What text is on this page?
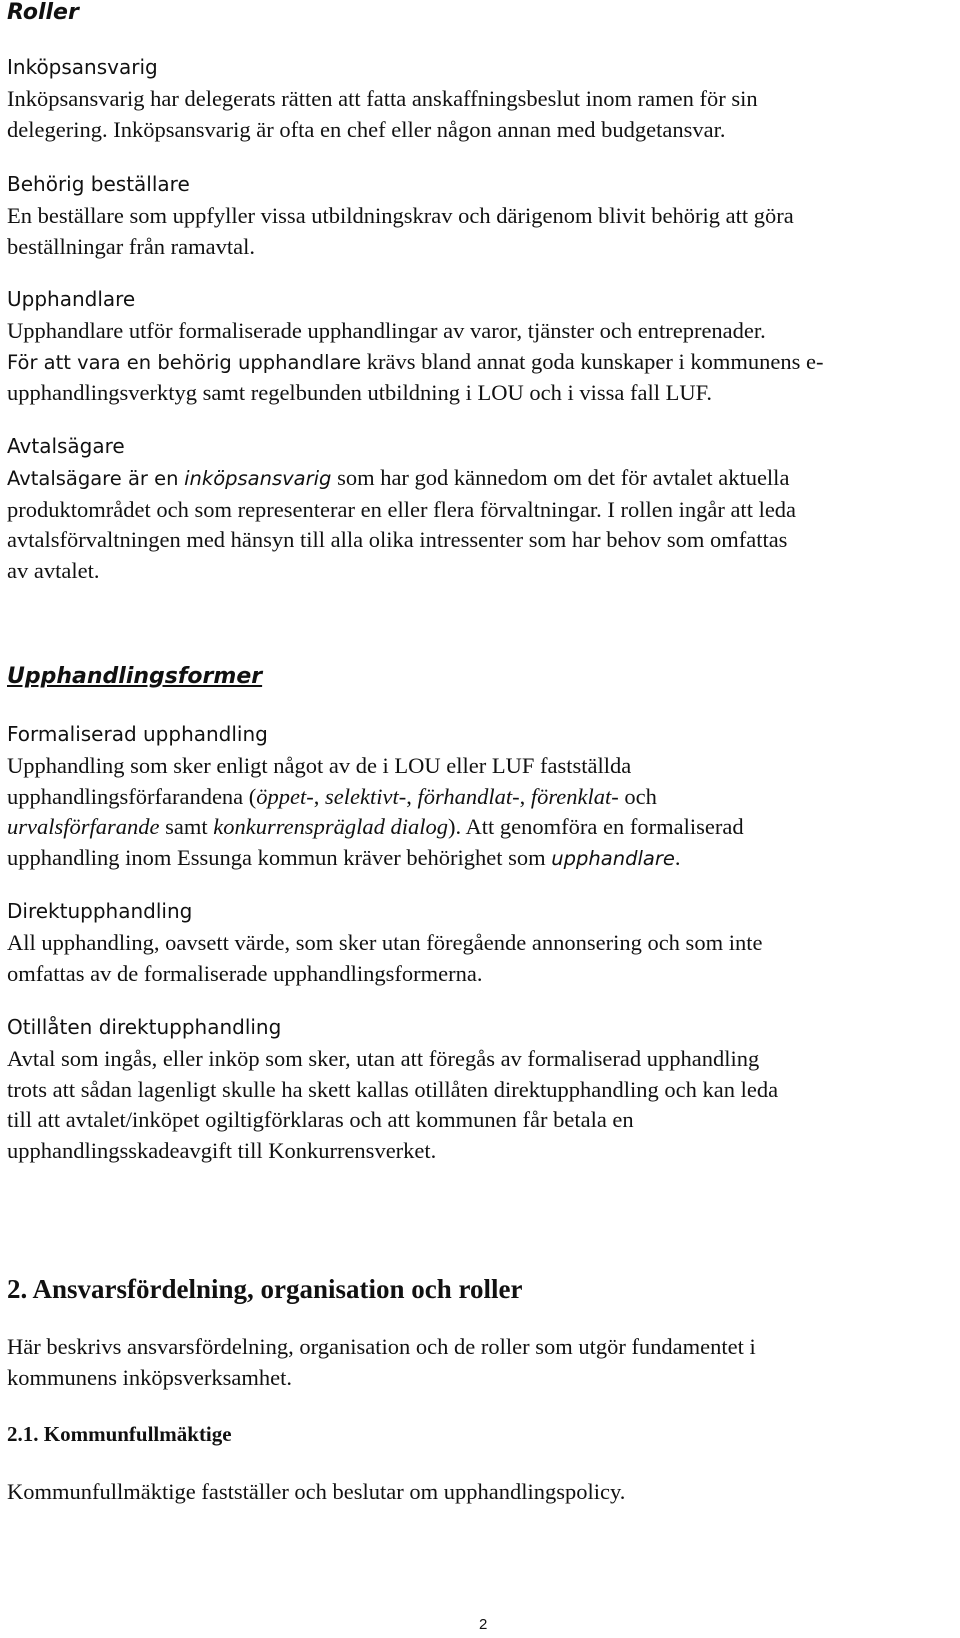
Roller
Inköpsansvarig

Inköpsansvarig har delegerats rätten att fatta anskaffningsbeslut inom ramen för sin
delegering. Inköpsansvarig är ofta en chef eller någon annan med budgetansvar.

Behörig beställare

En beställare som uppfyller vissa utbildningskrav och därigenom blivit behörig att göra
beställningar från ramavtal.

Upphandlare

Upphandlare utför formaliserade upphandlingar av varor, tjänster och entreprenader.
För att vara en behörig upphandlare krävs bland annat goda kunskaper i kommunens e-
upphandlingsverktyg samt regelbunden utbildning i LOU och i vissa fall LUF.

Avtalsägare

Avtalsägare är en inköpsansvarig som har god kännedom om det för avtalet aktuella
produktområdet och som representerar en eller flera förvaltningar. I rollen ingår att leda
avtalsförvaltningen med hänsyn till alla olika intressenter som har behov som omfattas
av avtalet.

Upphandlingsformer
Formaliserad upphandling

Upphandling som sker enligt något av de i LOU eller LUF fastställda
upphandlingsförfarandena (öppet-, selektivt-, förhandlat-, förenklat- och
urvalsförfarande samt konkurrenspräglad dialog). Att genomföra en formaliserad
upphandling inom Essunga kommun kräver behörighet som upphandlare.

Direktupphandling

All upphandling, oavsett värde, som sker utan föregående annonsering och som inte
omfattas av de formaliserade upphandlingsformerna.

Otillåten direktupphandling

Avtal som ingås, eller inköp som sker, utan att föregås av formaliserad upphandling
trots att sådan lagenligt skulle ha skett kallas otillåten direktupphandling och kan leda
till att avtalet/inköpet ogiltigförklaras och att kommunen får betala en
upphandlingsskadeavgift till Konkurrensverket.

2. Ansvarsfördelning, organisation och roller

Här beskrivs ansvarsfördelning, organisation och de roller som utgör fundamentet i
kommunens inköpsverksamhet.

2.1. Kommunfullmäktige

Kommunfullmäktige fastställer och beslutar om upphandlingspolicy.

2
